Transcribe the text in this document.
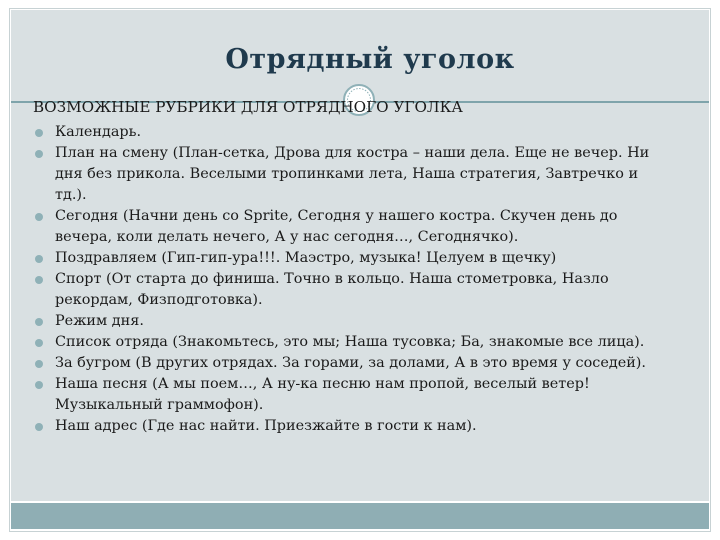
Отрядный уголок

ВОЗМОЖНЫЕ РУБРИКИ ДЛЯ ОТРЯДНОГО УГОЛКА

Календарь.
План на смену (План-сетка, Дрова для костра – наши дела. Еще не вечер. Ни дня без прикола. Веселыми тропинками лета, Наша стратегия, Завтречко и тд.).
Сегодня (Начни день со Sprite, Сегодня у нашего костра. Скучен день до вечера, коли делать нечего, А у нас сегодня…, Сегоднячко).
Поздравляем (Гип-гип-ура!!!. Маэстро, музыка! Целуем в щечку)
Спорт (От старта до финиша. Точно в кольцо. Наша стометровка, Назло рекордам, Физподготовка).
Режим дня.
Список отряда (Знакомьтесь, это мы; Наша тусовка; Ба, знакомые все лица).
За бугром (В других отрядах. За горами, за долами, А в это время у соседей).
Наша песня (А мы поем…, А ну-ка песню нам пропой, веселый ветер! Музыкальный граммофон).
Наш адрес (Где нас найти. Приезжайте в гости к нам).
